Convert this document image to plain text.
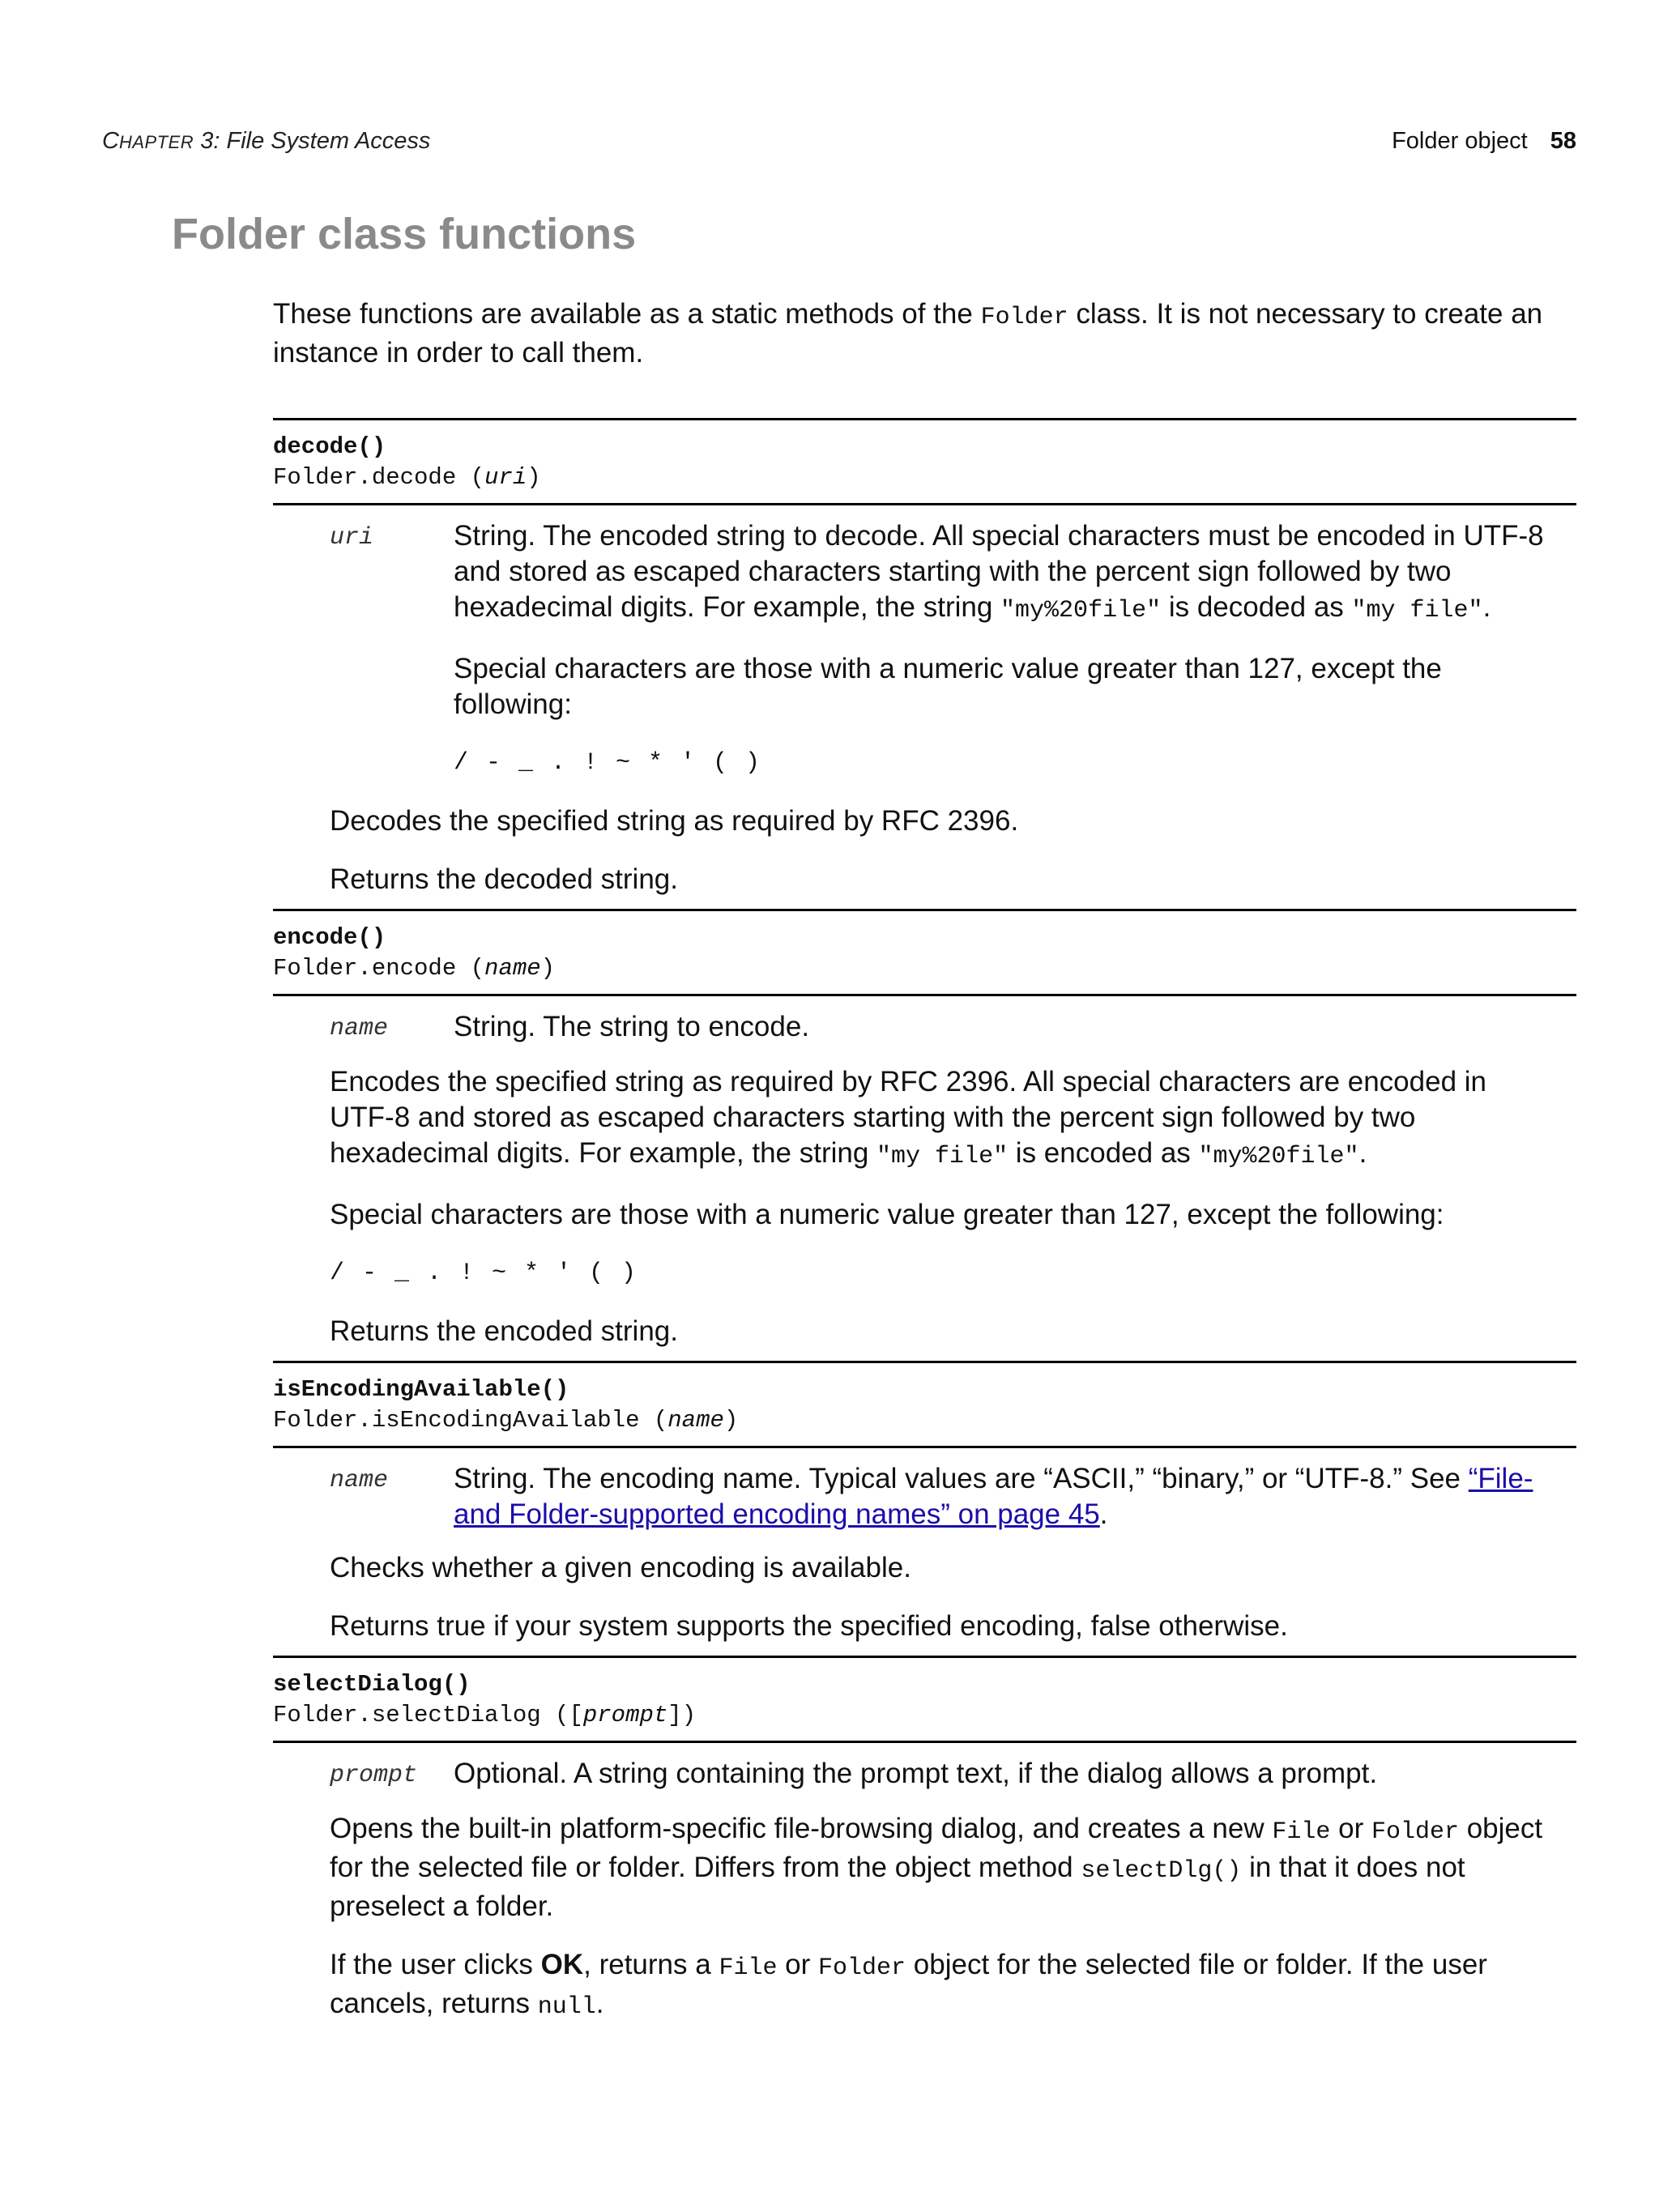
CHAPTER 3: File System Access	Folder object 58
Folder class functions
These functions are available as a static methods of the Folder class. It is not necessary to create an instance in order to call them.
decode()
Folder.decode (uri)
uri	String. The encoded string to decode. All special characters must be encoded in UTF-8 and stored as escaped characters starting with the percent sign followed by two hexadecimal digits. For example, the string "my%20file" is decoded as "my file".

Special characters are those with a numeric value greater than 127, except the following:

/ - _ . ! ~ * ' ( )

Decodes the specified string as required by RFC 2396.

Returns the decoded string.

encode()
Folder.encode (name)
name	String. The string to encode.

Encodes the specified string as required by RFC 2396. All special characters are encoded in UTF-8 and stored as escaped characters starting with the percent sign followed by two hexadecimal digits. For example, the string "my file" is encoded as "my%20file".

Special characters are those with a numeric value greater than 127, except the following:

/ - _ . ! ~ * ' ( )

Returns the encoded string.

isEncodingAvailable()
Folder.isEncodingAvailable (name)
name	String. The encoding name. Typical values are “ASCII,” “binary,” or “UTF-8.” See “File- and Folder-supported encoding names” on page 45.

Checks whether a given encoding is available.

Returns true if your system supports the specified encoding, false otherwise.

selectDialog()
Folder.selectDialog ([prompt])
prompt	Optional. A string containing the prompt text, if the dialog allows a prompt.

Opens the built-in platform-specific file-browsing dialog, and creates a new File or Folder object for the selected file or folder. Differs from the object method selectDlg() in that it does not preselect a folder.

If the user clicks OK, returns a File or Folder object for the selected file or folder. If the user cancels, returns null.
